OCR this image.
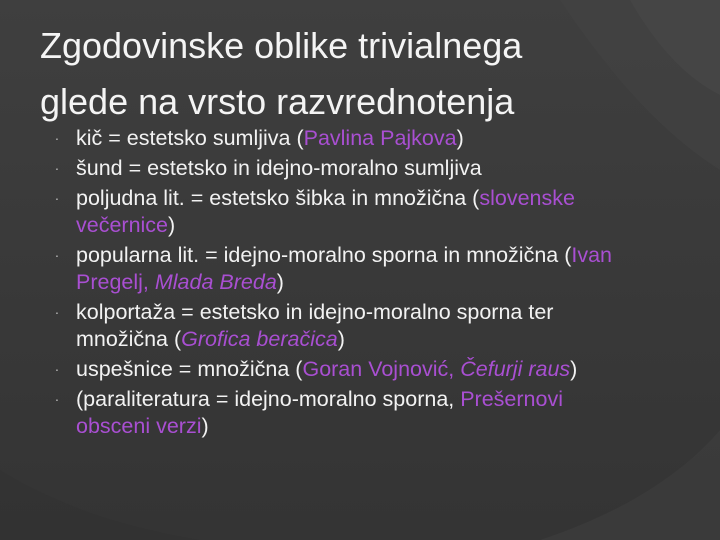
Zgodovinske oblike trivialnega
glede na vrsto razvrednotenja
· kič = estetsko sumljiva (Pavlina Pajkova)
· šund = estetsko in idejno-moralno sumljiva
· poljudna lit. = estetsko šibka in množična (slovenske večernice)
· popularna lit. = idejno-moralno sporna in množična (Ivan Pregelj, Mlada Breda)
· kolportaža = estetsko in idejno-moralno sporna ter množična (Grofica beračica)
· uspešnice = množična (Goran Vojnović, Čefurji raus)
· (paraliteratura = idejno-moralno sporna, Prešernovi obsceni verzi)
